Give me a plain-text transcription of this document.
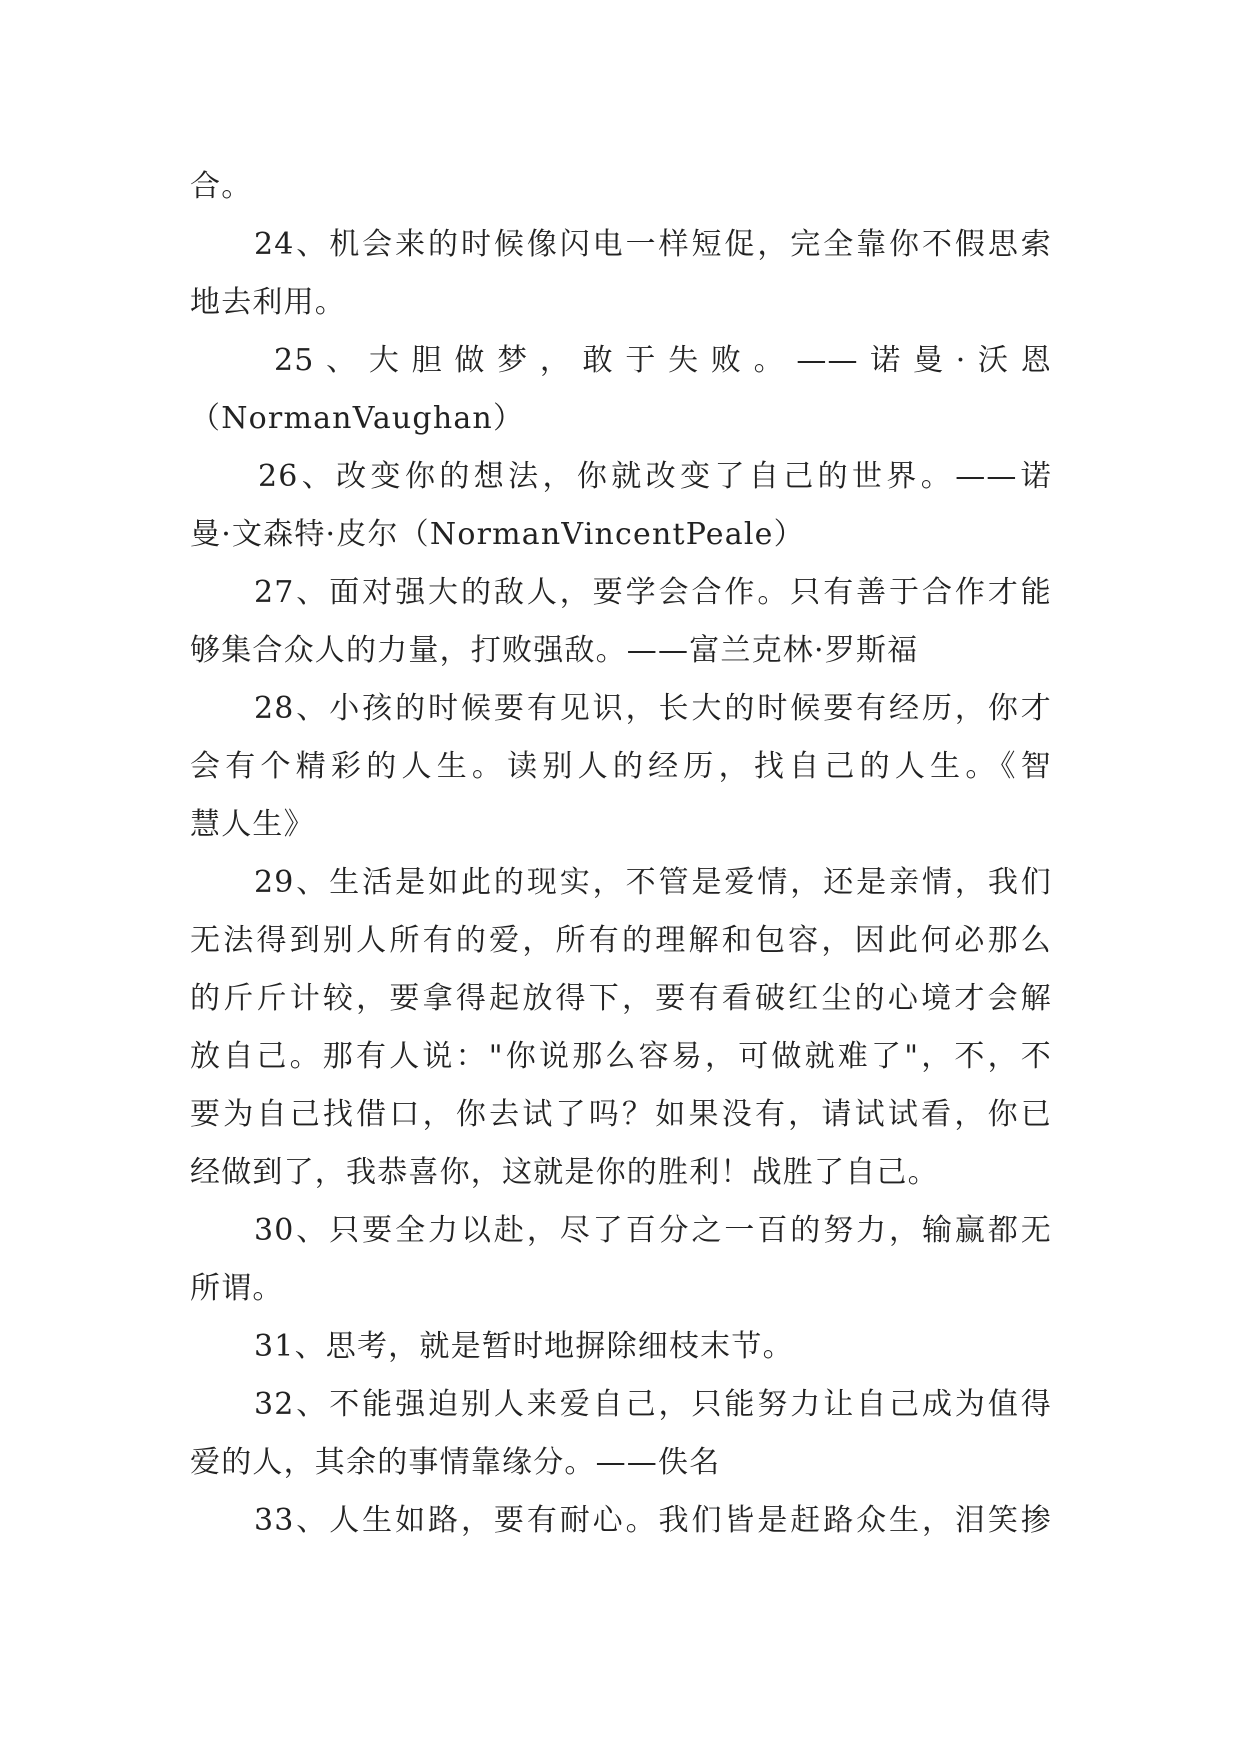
合。
24、机会来的时候像闪电一样短促，完全靠你不假思索
地去利用。
25、大胆做梦，敢于失败。——诺曼·沃恩
（NormanVaughan）
26、改变你的想法，你就改变了自己的世界。——诺
曼·文森特·皮尔（NormanVincentPeale）
27、面对强大的敌人，要学会合作。只有善于合作才能
够集合众人的力量，打败强敌。——富兰克林·罗斯福
28、小孩的时候要有见识，长大的时候要有经历，你才
会有个精彩的人生。读别人的经历，找自己的人生。《智
慧人生》
29、生活是如此的现实，不管是爱情，还是亲情，我们
无法得到别人所有的爱，所有的理解和包容，因此何必那么
的斤斤计较，要拿得起放得下，要有看破红尘的心境才会解
放自己。那有人说："你说那么容易，可做就难了"，不，不
要为自己找借口，你去试了吗？如果没有，请试试看，你已
经做到了，我恭喜你，这就是你的胜利！战胜了自己。
30、只要全力以赴，尽了百分之一百的努力，输赢都无
所谓。
31、思考，就是暂时地摒除细枝末节。
32、不能强迫别人来爱自己，只能努力让自己成为值得
爱的人，其余的事情靠缘分。——佚名
33、人生如路，要有耐心。我们皆是赶路众生，泪笑掺
